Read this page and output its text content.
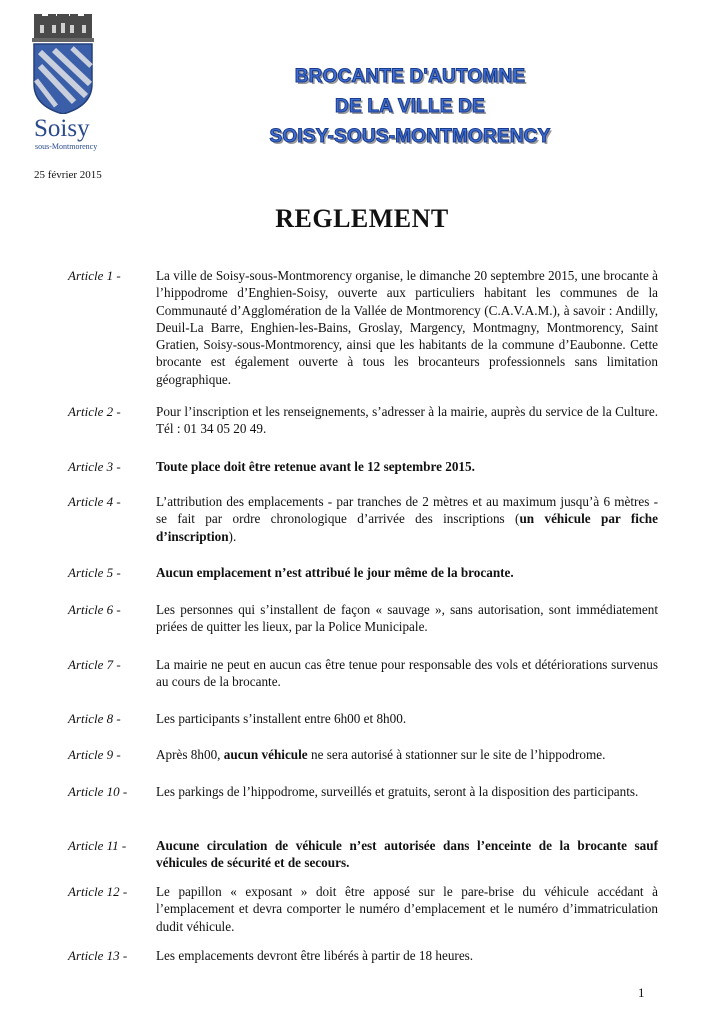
Soisy
sous-Montmorency
25 février 2015
BROCANTE D'AUTOMNE
DE LA VILLE DE
SOISY-SOUS-MONTMORENCY
REGLEMENT
Article 1 -	La ville de Soisy-sous-Montmorency organise, le dimanche 20 septembre 2015, une brocante à l’hippodrome d’Enghien-Soisy, ouverte aux particuliers habitant les communes de la Communauté d’Agglomération de la Vallée de Montmorency (C.A.V.A.M.), à savoir : Andilly, Deuil-La Barre, Enghien-les-Bains, Groslay, Margency, Montmagny, Montmorency, Saint Gratien, Soisy-sous-Montmorency, ainsi que les habitants de la commune d’Eaubonne. Cette brocante est également ouverte à tous les brocanteurs professionnels sans limitation géographique.
Article 2 -	Pour l’inscription et les renseignements, s’adresser à la mairie, auprès du service de la Culture. Tél : 01 34 05 20 49.
Article 3 -	Toute place doit être retenue avant le 12 septembre 2015.
Article 4 -	L’attribution des emplacements - par tranches de 2 mètres et au maximum jusqu’à 6 mètres - se fait par ordre chronologique d’arrivée des inscriptions (un véhicule par fiche d’inscription).
Article 5 -	Aucun emplacement n’est attribué le jour même de la brocante.
Article 6 -	Les personnes qui s’installent de façon « sauvage », sans autorisation, sont immédiatement priées de quitter les lieux, par la Police Municipale.
Article 7 -	La mairie ne peut en aucun cas être tenue pour responsable des vols et détériorations survenus au cours de la brocante.
Article 8 -	Les participants s’installent entre 6h00 et 8h00.
Article 9 -	Après 8h00, aucun véhicule ne sera autorisé à stationner sur le site de l’hippodrome.
Article 10 - Les parkings de l’hippodrome, surveillés et gratuits, seront à la disposition des participants.
Article 11 - Aucune circulation de véhicule n’est autorisée dans l’enceinte de la brocante sauf véhicules de sécurité et de secours.
Article 12 - Le papillon « exposant » doit être apposé sur le pare-brise du véhicule accédant à l’emplacement et devra comporter le numéro d’emplacement et le numéro d’immatriculation dudit véhicule.
Article 13 - Les emplacements devront être libérés à partir de 18 heures.
1
